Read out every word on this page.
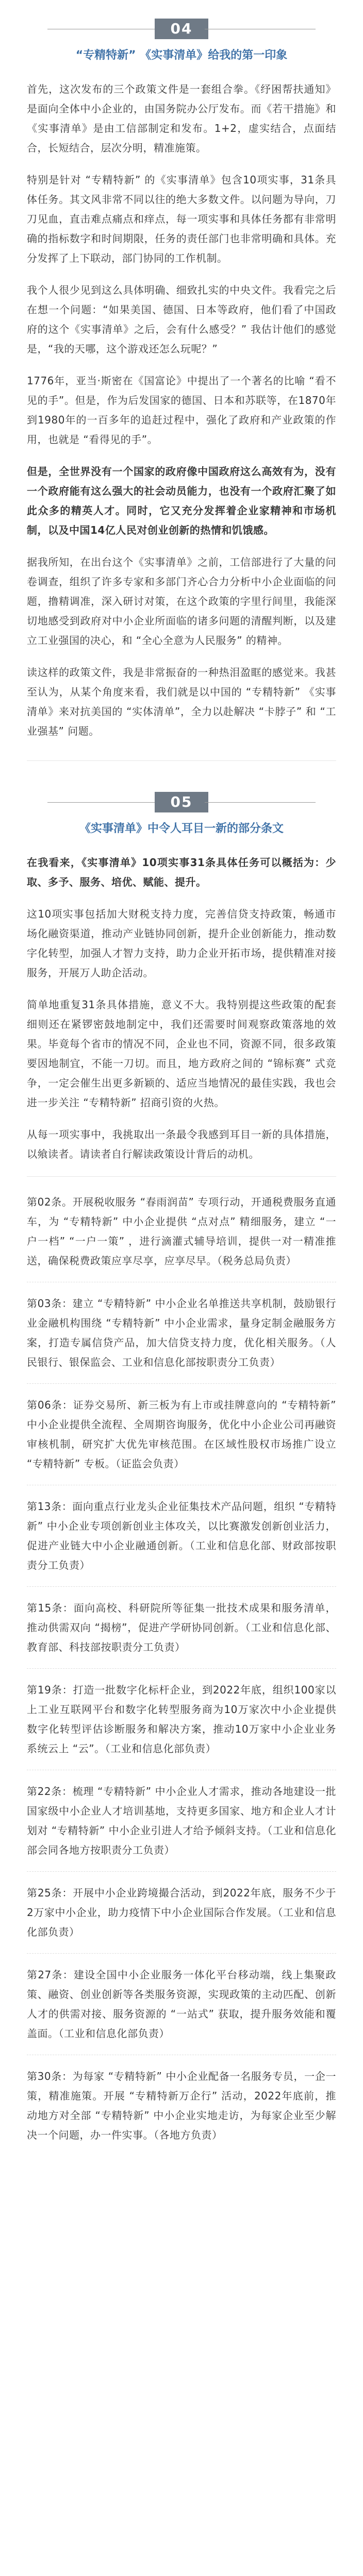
04
“专精特新” 《实事清单》给我的第一印象

首先，这次发布的三个政策文件是一套组合拳。《纾困帮扶通知》是面向全体中小企业的，由国务院办公厅发布。而《若干措施》和《实事清单》是由工信部制定和发布。1+2，虚实结合，点面结合，长短结合，层次分明，精准施策。

特别是针对 “专精特新” 的《实事清单》包含10项实事，31条具体任务。其文风非常不同以往的绝大多数文件。以问题为导向，刀刀见血，直击难点痛点和痒点，每一项实事和具体任务都有非常明确的指标数字和时间期限，任务的责任部门也非常明确和具体。充分发挥了上下联动，部门协同的工作机制。

我个人很少见到这么具体明确、细致扎实的中央文件。我看完之后在想一个问题：“如果美国、德国、日本等政府，他们看了中国政府的这个《实事清单》之后，会有什么感受？” 我估计他们的感觉是，“我的天哪，这个游戏还怎么玩呢？”

1776年，亚当·斯密在《国富论》中提出了一个著名的比喻 “看不见的手”。但是，作为后发国家的德国、日本和苏联等，在1870年到1980年的一百多年的追赶过程中，强化了政府和产业政策的作用，也就是 “看得见的手”。

但是，全世界没有一个国家的政府像中国政府这么高效有为，没有一个政府能有这么强大的社会动员能力，也没有一个政府汇聚了如此众多的精英人才。同时，它又充分发挥着企业家精神和市场机制，以及中国14亿人民对创业创新的热情和饥饿感。

据我所知，在出台这个《实事清单》之前，工信部进行了大量的问卷调查，组织了许多专家和多部门齐心合力分析中小企业面临的问题，撸精调准，深入研讨对策，在这个政策的字里行间里，我能深切地感受到政府对中小企业所面临的诸多问题的清醒判断，以及建立工业强国的决心，和 “全心全意为人民服务” 的精神。

读这样的政策文件，我是非常振奋的一种热泪盈眶的感觉来。我甚至认为，从某个角度来看，我们就是以中国的 “专精特新” 《实事清单》来对抗美国的 “实体清单”，全力以赴解决 “卡脖子” 和 “工业强基” 问题。

05
《实事清单》中令人耳目一新的部分条文

在我看来，《实事清单》10项实事31条具体任务可以概括为：少取、多予、服务、培优、赋能、提升。

这10项实事包括加大财税支持力度，完善信贷支持政策，畅通市场化融资渠道，推动产业链协同创新，提升企业创新能力，推动数字化转型，加强人才智力支持，助力企业开拓市场，提供精准对接服务，开展万人助企活动。

简单地重复31条具体措施，意义不大。我特别提这些政策的配套细则还在紧锣密鼓地制定中，我们还需要时间观察政策落地的效果。毕竟每个省市的情况不同，企业也不同，资源不同，很多政策要因地制宜，不能一刀切。而且，地方政府之间的 “锦标赛” 式竞争，一定会催生出更多新颖的、适应当地情况的最佳实践，我也会进一步关注 “专精特新” 招商引资的火热。

从每一项实事中，我挑取出一条最令我感到耳目一新的具体措施，以飨读者。请读者自行解读政策设计背后的动机。

第02条。开展税收服务 “春雨润苗” 专项行动，开通税费服务直通车，为 “专精特新” 中小企业提供 “点对点” 精细服务，建立 “一户一档” “一户一策” ，进行滴灌式辅导培训，提供一对一精准推送，确保税费政策应享尽享，应享尽早。（税务总局负责）
第03条：建立 “专精特新” 中小企业名单推送共享机制，鼓励银行业金融机构围绕 “专精特新” 中小企业需求，量身定制金融服务方案，打造专属信贷产品，加大信贷支持力度，优化相关服务。（人民银行、银保监会、工业和信息化部按职责分工负责）
第06条：证券交易所、新三板为有上市或挂牌意向的 “专精特新” 中小企业提供全流程、全周期咨询服务，优化中小企业公司再融资审核机制，研究扩大优先审核范围。在区域性股权市场推广设立 “专精特新” 专板。（证监会负责）
第13条：面向重点行业龙头企业征集技术产品问题，组织 “专精特新” 中小企业专项创新创业主体攻关，以比赛激发创新创业活力，促进产业链大中小企业融通创新。（工业和信息化部、财政部按职责分工负责）
第15条：面向高校、科研院所等征集一批技术成果和服务清单，推动供需双向 “揭榜”，促进产学研协同创新。（工业和信息化部、教育部、科技部按职责分工负责）
第19条：打造一批数字化标杆企业，到2022年底，组织100家以上工业互联网平台和数字化转型服务商为10万家次中小企业提供数字化转型评估诊断服务和解决方案，推动10万家中小企业业务系统云上 “云”。（工业和信息化部负责）
第22条：梳理 “专精特新” 中小企业人才需求，推动各地建设一批国家级中小企业人才培训基地，支持更多国家、地方和企业人才计划对 “专精特新” 中小企业引进人才给予倾斜支持。（工业和信息化部会同各地方按职责分工负责）
第25条：开展中小企业跨境撮合活动，到2022年底，服务不少于2万家中小企业，助力疫情下中小企业国际合作发展。（工业和信息化部负责）
第27条：建设全国中小企业服务一体化平台移动端，线上集聚政策、融资、创业创新等各类服务资源，实现政策的主动匹配、创新人才的供需对接、服务资源的 “一站式” 获取，提升服务效能和覆盖面。（工业和信息化部负责）
第30条：为每家 “专精特新” 中小企业配备一名服务专员，一企一策，精准施策。开展 “专精特新万企行” 活动，2022年底前，推动地方对全部 “专精特新” 中小企业实地走访，为每家企业至少解决一个问题，办一件实事。（各地方负责）
